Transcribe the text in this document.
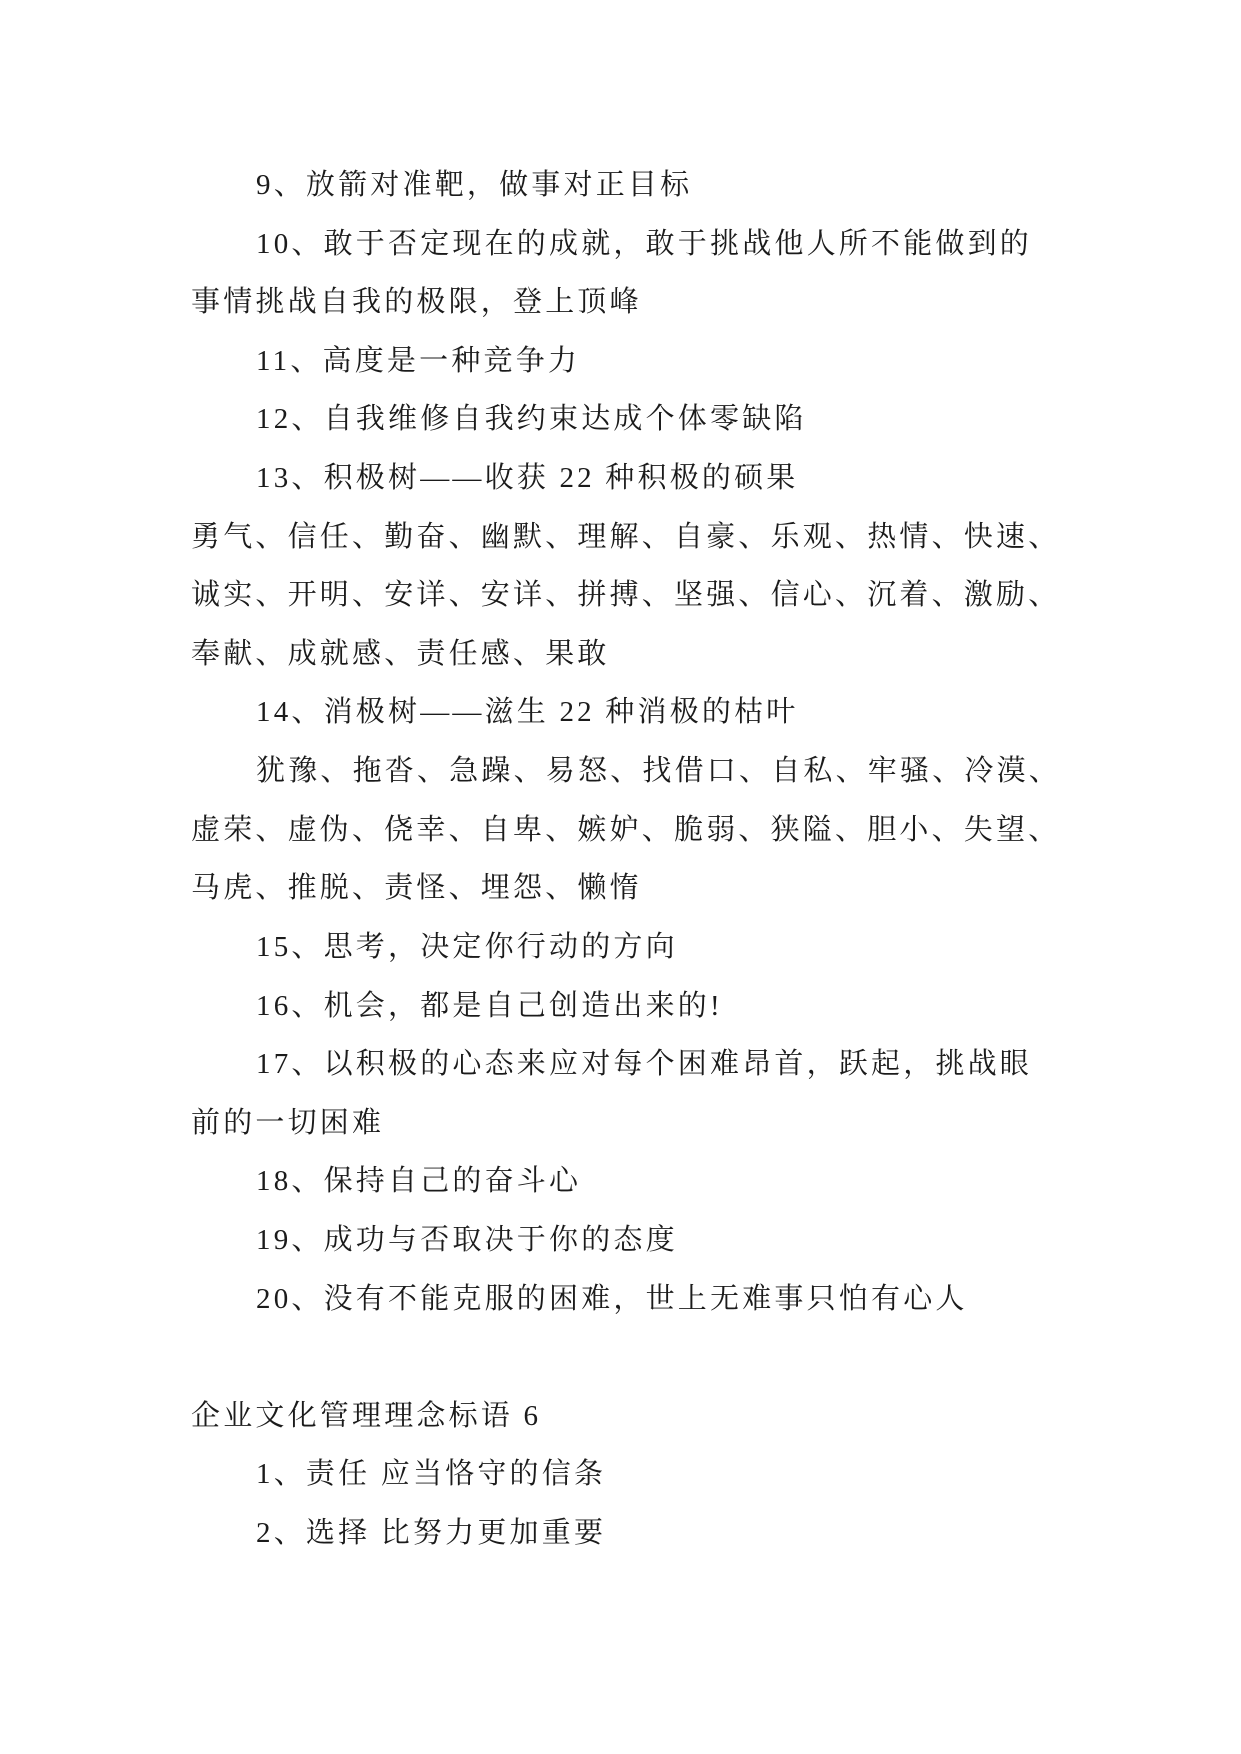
9、放箭对准靶，做事对正目标
10、敢于否定现在的成就，敢于挑战他人所不能做到的
事情挑战自我的极限，登上顶峰
11、高度是一种竞争力
12、自我维修自我约束达成个体零缺陷
13、积极树——收获 22 种积极的硕果
勇气、信任、勤奋、幽默、理解、自豪、乐观、热情、快速、
诚实、开明、安详、安详、拼搏、坚强、信心、沉着、激励、
奉献、成就感、责任感、果敢
14、消极树——滋生 22 种消极的枯叶
犹豫、拖沓、急躁、易怒、找借口、自私、牢骚、冷漠、
虚荣、虚伪、侥幸、自卑、嫉妒、脆弱、狭隘、胆小、失望、
马虎、推脱、责怪、埋怨、懒惰
15、思考，决定你行动的方向
16、机会，都是自己创造出来的!
17、以积极的心态来应对每个困难昂首，跃起，挑战眼
前的一切困难
18、保持自己的奋斗心
19、成功与否取决于你的态度
20、没有不能克服的困难，世上无难事只怕有心人
企业文化管理理念标语 6
1、责任 应当恪守的信条
2、选择 比努力更加重要
